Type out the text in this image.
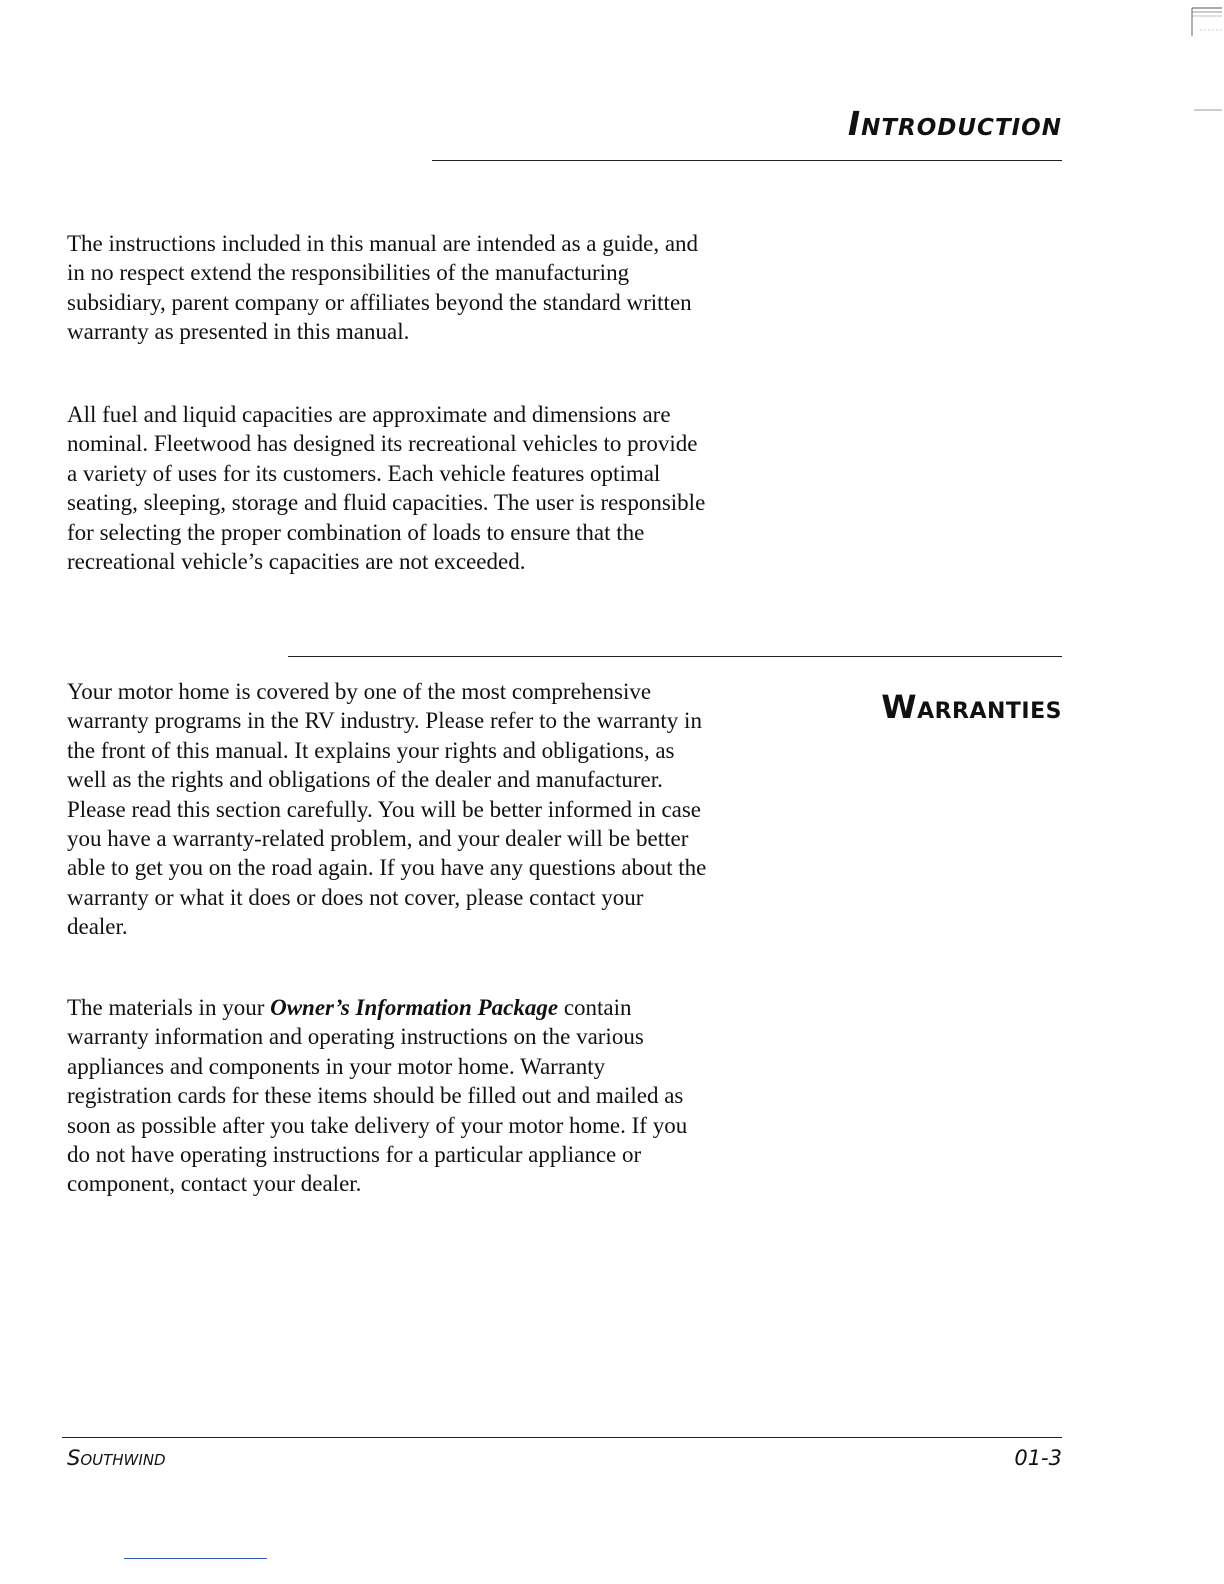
Introduction

The instructions included in this manual are intended as a guide, and in no respect extend the responsibilities of the manufacturing subsidiary, parent company or affiliates beyond the standard written warranty as presented in this manual.

All fuel and liquid capacities are approximate and dimensions are nominal. Fleetwood has designed its recreational vehicles to provide a variety of uses for its customers. Each vehicle features optimal seating, sleeping, storage and fluid capacities. The user is responsible for selecting the proper combination of loads to ensure that the recreational vehicle’s capacities are not exceeded.

Warranties

Your motor home is covered by one of the most comprehensive warranty programs in the RV industry. Please refer to the warranty in the front of this manual. It explains your rights and obligations, as well as the rights and obligations of the dealer and manufacturer. Please read this section carefully. You will be better informed in case you have a warranty-related problem, and your dealer will be better able to get you on the road again. If you have any questions about the warranty or what it does or does not cover, please contact your dealer.

The materials in your Owner’s Information Package contain warranty information and operating instructions on the various appliances and components in your motor home. Warranty registration cards for these items should be filled out and mailed as soon as possible after you take delivery of your motor home. If you do not have operating instructions for a particular appliance or component, contact your dealer.

Southwind	01-3
